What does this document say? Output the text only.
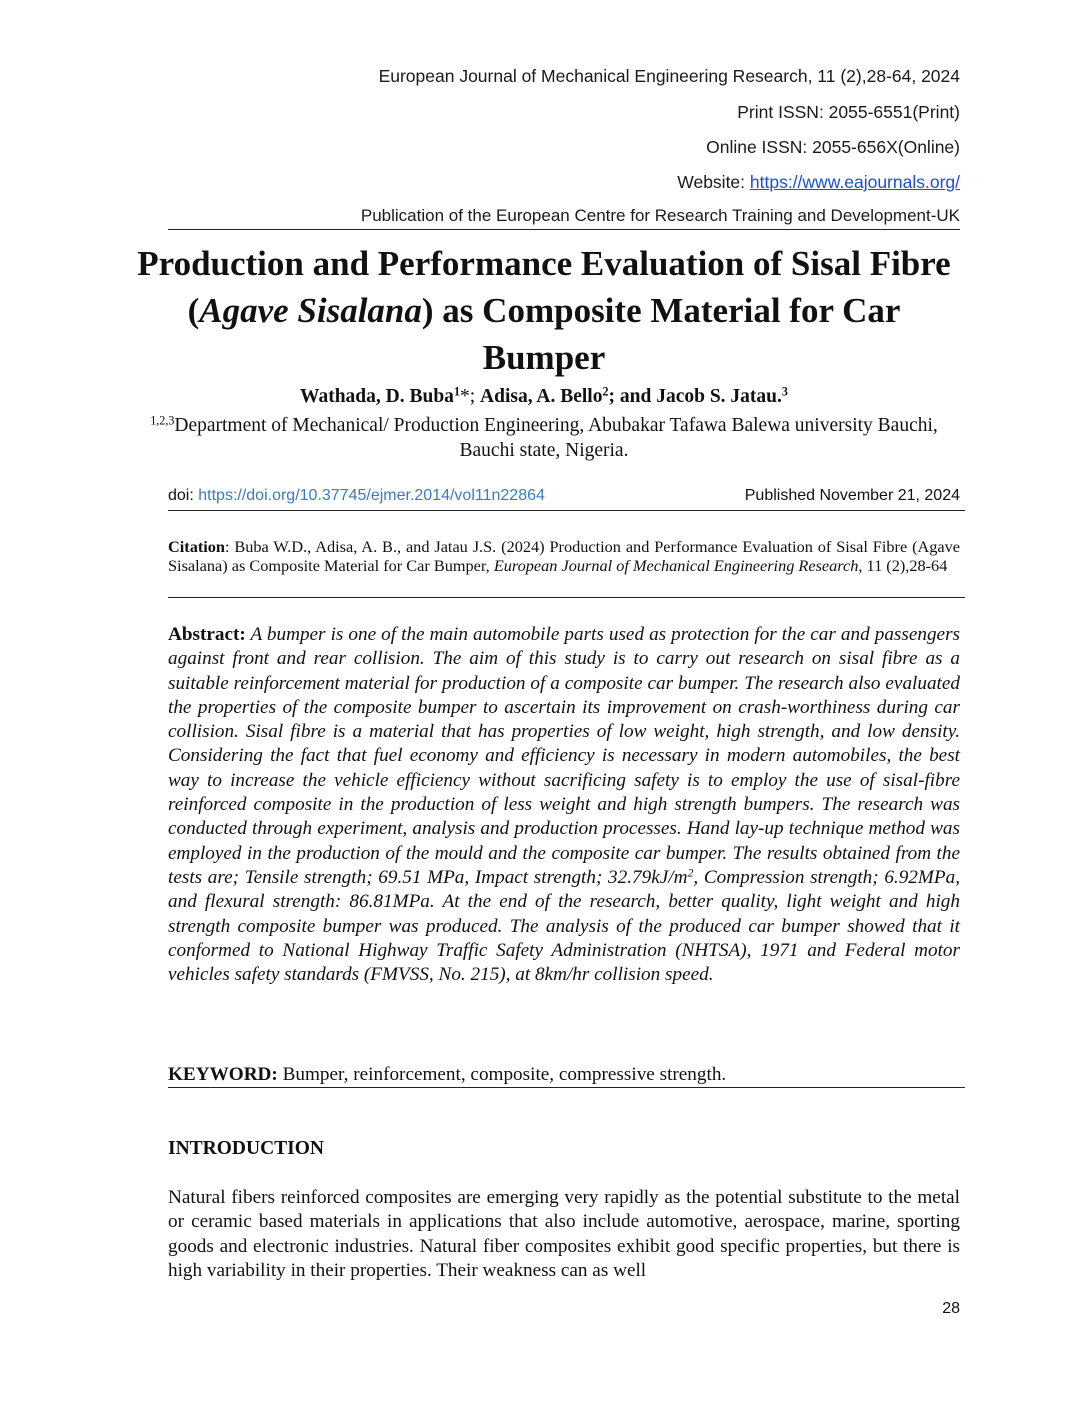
European Journal of Mechanical Engineering Research, 11 (2),28-64, 2024
Print ISSN: 2055-6551(Print)
Online ISSN: 2055-656X(Online)
Website: https://www.eajournals.org/
Publication of the European Centre for Research Training and Development-UK
Production and Performance Evaluation of Sisal Fibre (Agave Sisalana) as Composite Material for Car Bumper
Wathada, D. Buba$^1$*; Adisa, A. Bello$^2$; and Jacob S. Jatau.$^3$
$^{1,2,3}$Department of Mechanical/ Production Engineering, Abubakar Tafawa Balewa university Bauchi, Bauchi state, Nigeria.
doi: https://doi.org/10.37745/ejmer.2014/vol11n22864	Published November 21, 2024
Citation: Buba W.D., Adisa, A. B., and Jatau J.S. (2024) Production and Performance Evaluation of Sisal Fibre (Agave Sisalana) as Composite Material for Car Bumper, European Journal of Mechanical Engineering Research, 11 (2),28-64
Abstract: A bumper is one of the main automobile parts used as protection for the car and passengers against front and rear collision. The aim of this study is to carry out research on sisal fibre as a suitable reinforcement material for production of a composite car bumper. The research also evaluated the properties of the composite bumper to ascertain its improvement on crash-worthiness during car collision. Sisal fibre is a material that has properties of low weight, high strength, and low density. Considering the fact that fuel economy and efficiency is necessary in modern automobiles, the best way to increase the vehicle efficiency without sacrificing safety is to employ the use of sisal-fibre reinforced composite in the production of less weight and high strength bumpers. The research was conducted through experiment, analysis and production processes. Hand lay-up technique method was employed in the production of the mould and the composite car bumper. The results obtained from the tests are; Tensile strength; 69.51 MPa, Impact strength; $32.79kJ/m^2$, Compression strength; 6.92MPa, and flexural strength: 86.81MPa. At the end of the research, better quality, light weight and high strength composite bumper was produced. The analysis of the produced car bumper showed that it conformed to National Highway Traffic Safety Administration (NHTSA), 1971 and Federal motor vehicles safety standards (FMVSS, No. 215), at 8km/hr collision speed.
KEYWORD: Bumper, reinforcement, composite, compressive strength.
INTRODUCTION
Natural fibers reinforced composites are emerging very rapidly as the potential substitute to the metal or ceramic based materials in applications that also include automotive, aerospace, marine, sporting goods and electronic industries. Natural fiber composites exhibit good specific properties, but there is high variability in their properties. Their weakness can as well
28
